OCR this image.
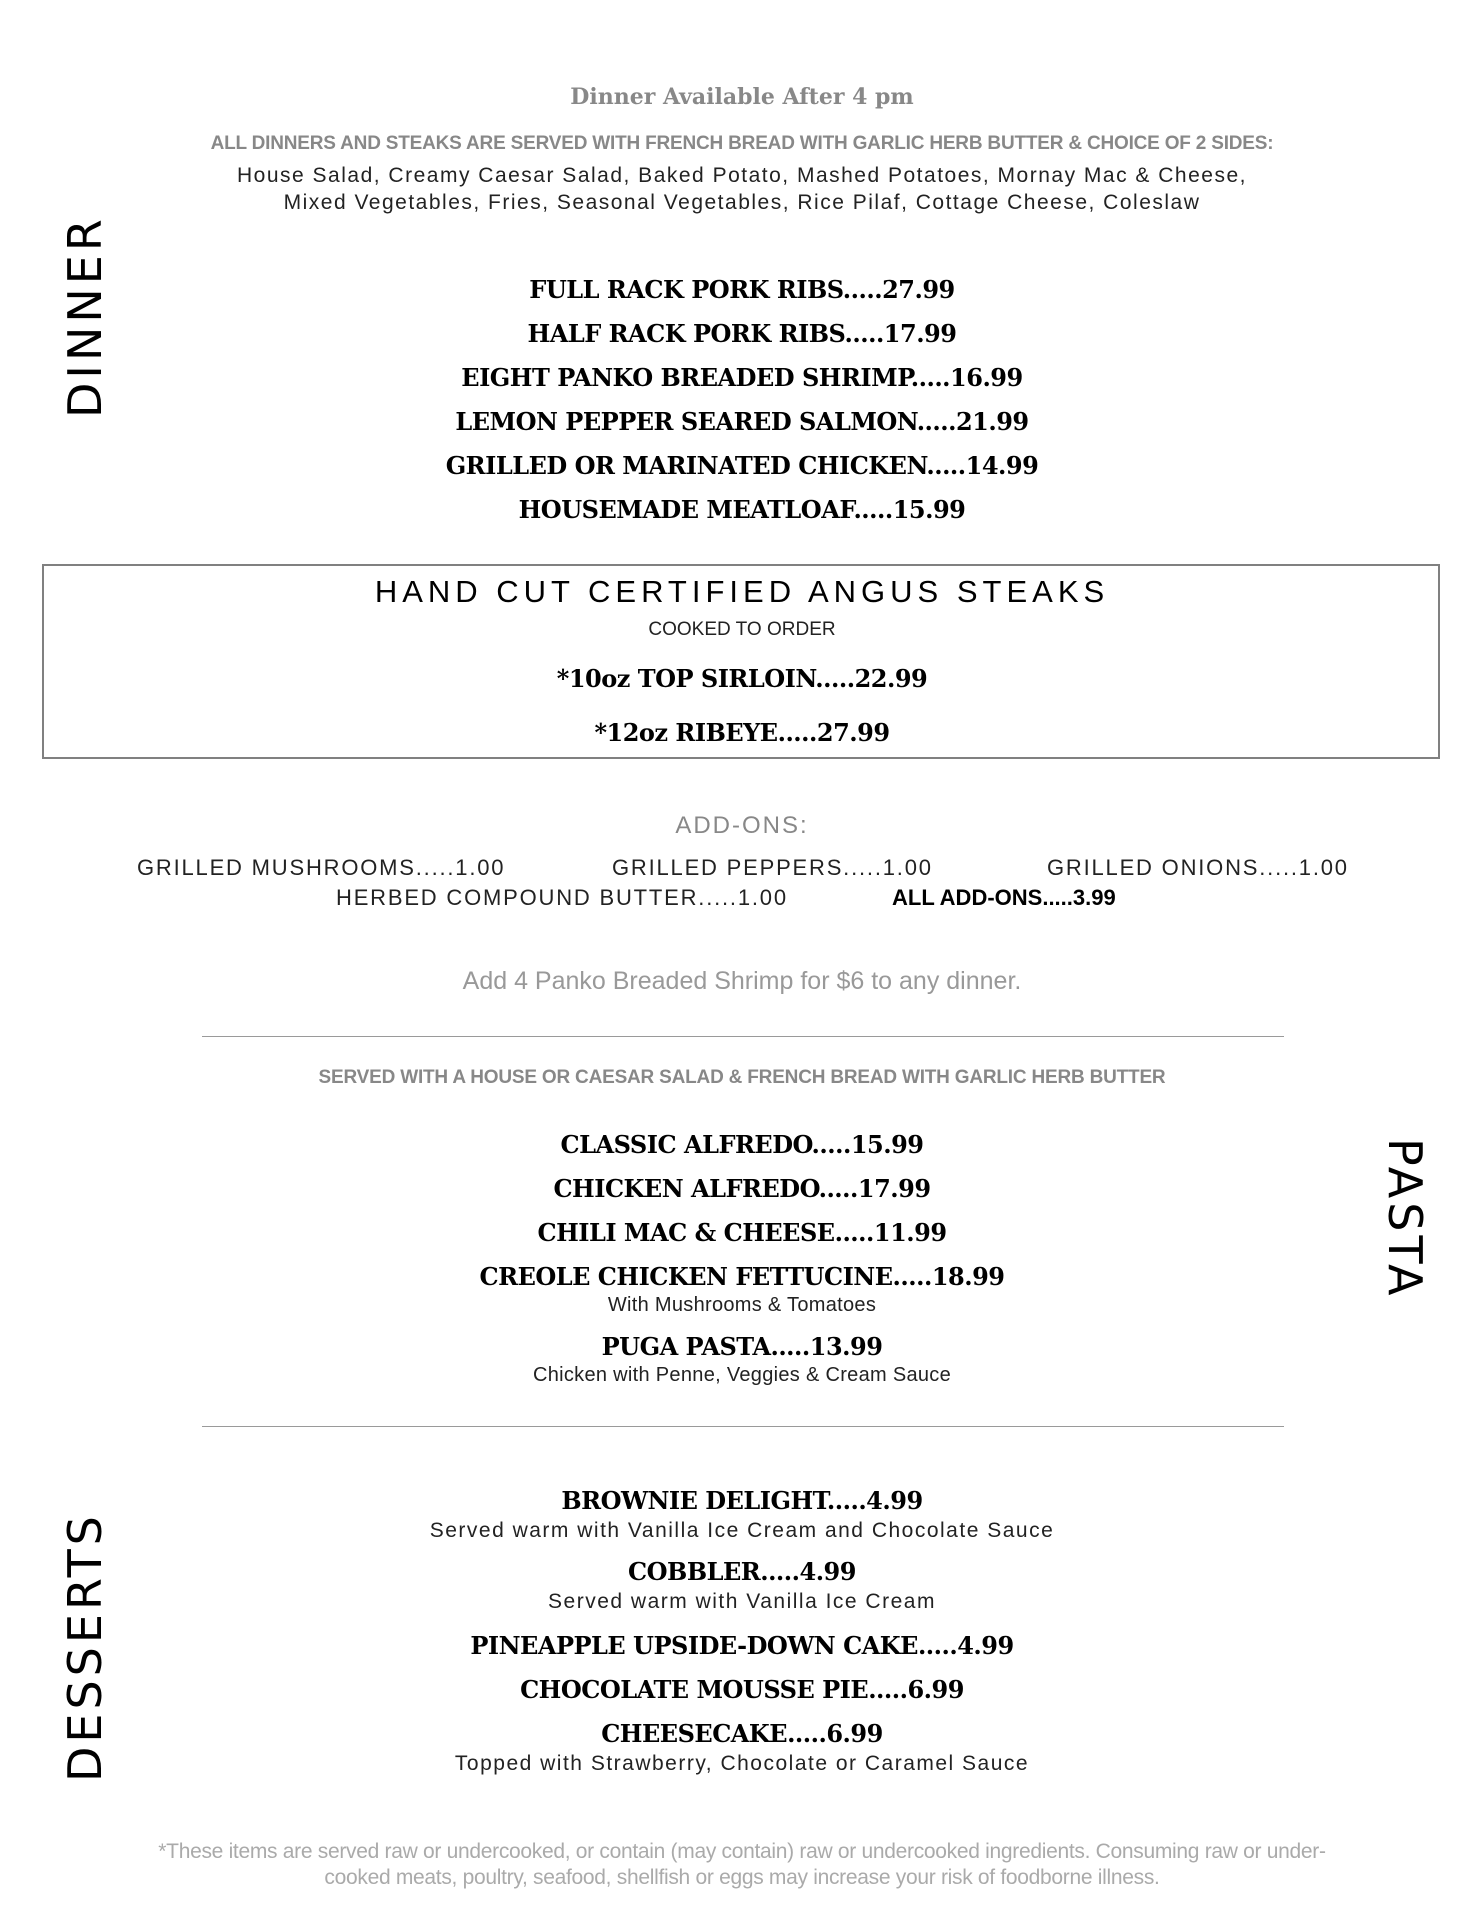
DINNER
PASTA
DESSERTS
Dinner Available After 4 pm
ALL DINNERS AND STEAKS ARE SERVED WITH FRENCH BREAD WITH GARLIC HERB BUTTER & CHOICE OF 2 SIDES:
House Salad, Creamy Caesar Salad, Baked Potato, Mashed Potatoes, Mornay Mac & Cheese,
Mixed Vegetables, Fries, Seasonal Vegetables, Rice Pilaf, Cottage Cheese, Coleslaw
FULL RACK PORK RIBS.....27.99
HALF RACK PORK RIBS.....17.99
EIGHT PANKO BREADED SHRIMP.....16.99
LEMON PEPPER SEARED SALMON.....21.99
GRILLED OR MARINATED CHICKEN.....14.99
HOUSEMADE MEATLOAF.....15.99
HAND CUT CERTIFIED ANGUS STEAKS
COOKED TO ORDER
*10oz TOP SIRLOIN.....22.99
*12oz RIBEYE.....27.99
ADD-ONS:
GRILLED MUSHROOMS.....1.00	GRILLED PEPPERS.....1.00	GRILLED ONIONS.....1.00
HERBED COMPOUND BUTTER.....1.00	ALL ADD-ONS.....3.99
Add 4 Panko Breaded Shrimp for $6 to any dinner.
SERVED WITH A HOUSE OR CAESAR SALAD & FRENCH BREAD WITH GARLIC HERB BUTTER
CLASSIC ALFREDO.....15.99
CHICKEN ALFREDO.....17.99
CHILI MAC & CHEESE.....11.99
CREOLE CHICKEN FETTUCINE.....18.99
With Mushrooms & Tomatoes
PUGA PASTA.....13.99
Chicken with Penne, Veggies & Cream Sauce
BROWNIE DELIGHT.....4.99
Served warm with Vanilla Ice Cream and Chocolate Sauce
COBBLER.....4.99
Served warm with Vanilla Ice Cream
PINEAPPLE UPSIDE-DOWN CAKE.....4.99
CHOCOLATE MOUSSE PIE.....6.99
CHEESECAKE.....6.99
Topped with Strawberry, Chocolate or Caramel Sauce
*These items are served raw or undercooked, or contain (may contain) raw or undercooked ingredients. Consuming raw or under-
cooked meats, poultry, seafood, shellfish or eggs may increase your risk of foodborne illness.
